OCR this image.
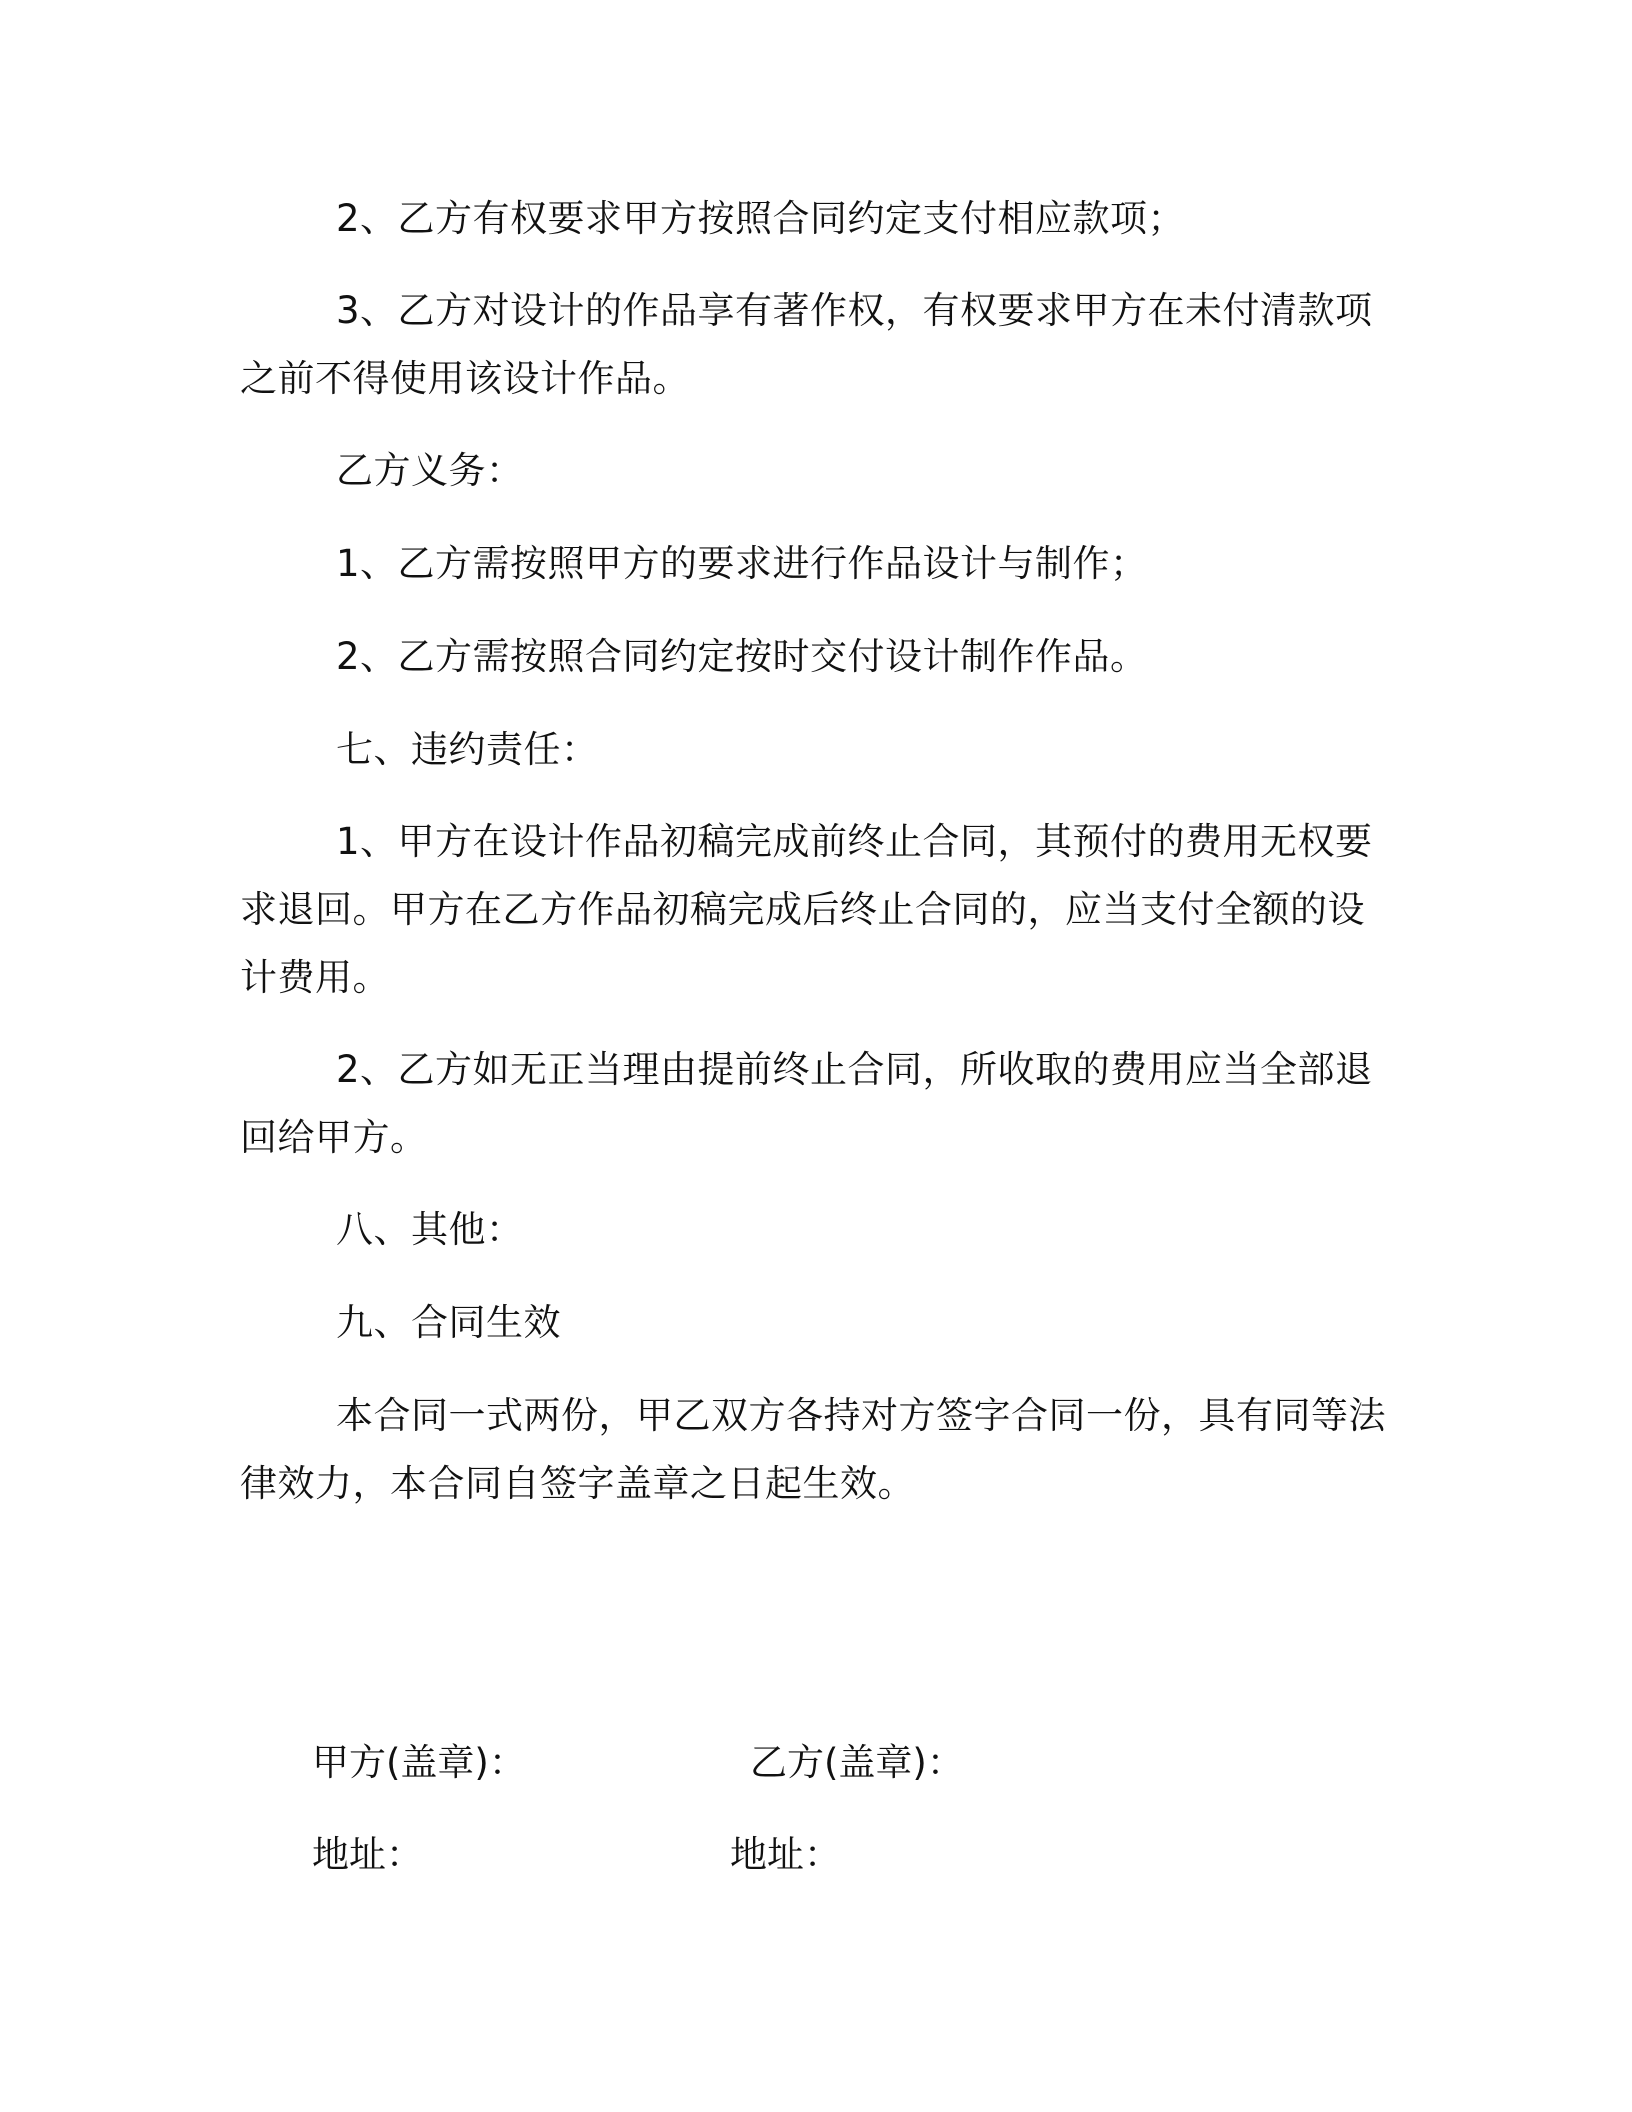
2、乙方有权要求甲方按照合同约定支付相应款项；
3、乙方对设计的作品享有著作权，有权要求甲方在未付清款项
之前不得使用该设计作品。
乙方义务：
1、乙方需按照甲方的要求进行作品设计与制作；
2、乙方需按照合同约定按时交付设计制作作品。
七、违约责任：
1、甲方在设计作品初稿完成前终止合同，其预付的费用无权要
求退回。甲方在乙方作品初稿完成后终止合同的，应当支付全额的设
计费用。
2、乙方如无正当理由提前终止合同，所收取的费用应当全部退
回给甲方。
八、其他：
九、合同生效
本合同一式两份，甲乙双方各持对方签字合同一份，具有同等法
律效力，本合同自签字盖章之日起生效。
甲方(盖章)：	乙方(盖章)：
地址：	地址：
